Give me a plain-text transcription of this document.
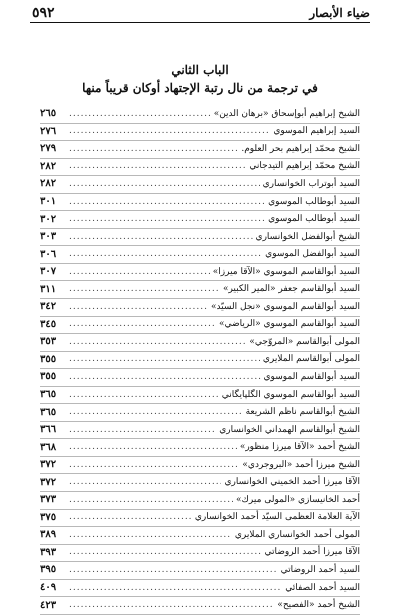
٥٩٢	ضياء الأبصار
الباب الثاني
في ترجمة من نال رتبة الإجتهاد أوكان قريباً منها
الشيخ إبراهيم أبوإسحاق «برهان الدين»
.....
٢٦٥
السيد إبراهيم الموسوي
.....
٢٧٦
الشيخ محمّد إبراهيم بحر العلوم.
.....
٢٧٩
الشيخ محمّد إبراهيم التيدجاني
.....
٢٨٢
السيد أبوتراب الخوانساري
.....
٢٨٢
السيد أبوطالب الموسوي
.....
٣٠١
السيد أبوطالب الموسوي
.....
٣٠٢
الشيخ أبوالفضل الخوانساري
.....
٣٠٣
السيد أبوالفضل الموسوي
.....
٣٠٦
السيد أبوالقاسم الموسوي «الآقا ميرزا»
.....
٣٠٧
السيد أبوالقاسم جعفر «المير الكبير»
.....
٣١١
السيد أبوالقاسم الموسوي «نجل السيّد»
.....
٣٤٢
السيد أبوالقاسم الموسوي «الرياضي»
.....
٣٤٥
المولى أبوالقاسم «المروّجي»
.....
٣٥٣
المولى أبوالقاسم الملايري
.....
٣٥٥
السيد أبوالقاسم الموسوي
.....
٣٥٥
السيد أبوالقاسم الموسوي الگلپايگاني
.....
٣٦٥
الشيخ أبوالقاسم ناظم الشريعة
.....
٣٦٥
الشيخ أبوالقاسم الهمداني الخوانساري
.....
٣٦٦
الشيخ أحمد «الآقا ميرزا منظور»
.....
٣٦٨
الشيخ ميرزا أحمد «البروجردي»
.....
٣٧٢
الآقا ميرزا أحمد الخميني الخوانساري
.....
٣٧٢
أحمد الخانيسازي «المولى ميرك»
.....
٣٧٣
الآية العلامة العظمى السيّد أحمد الخوانساري
.....
٣٧٥
المولى أحمد الخوانساري الملايري
.....
٣٨٩
الآقا ميرزا أحمد الروضاتي
.....
٣٩٣
السيد أحمد الروضاتي
.....
٣٩٥
السيد أحمد الصفائي
.....
٤٠٩
الشيخ أحمد «الفصيح»
.....
٤٢٣
